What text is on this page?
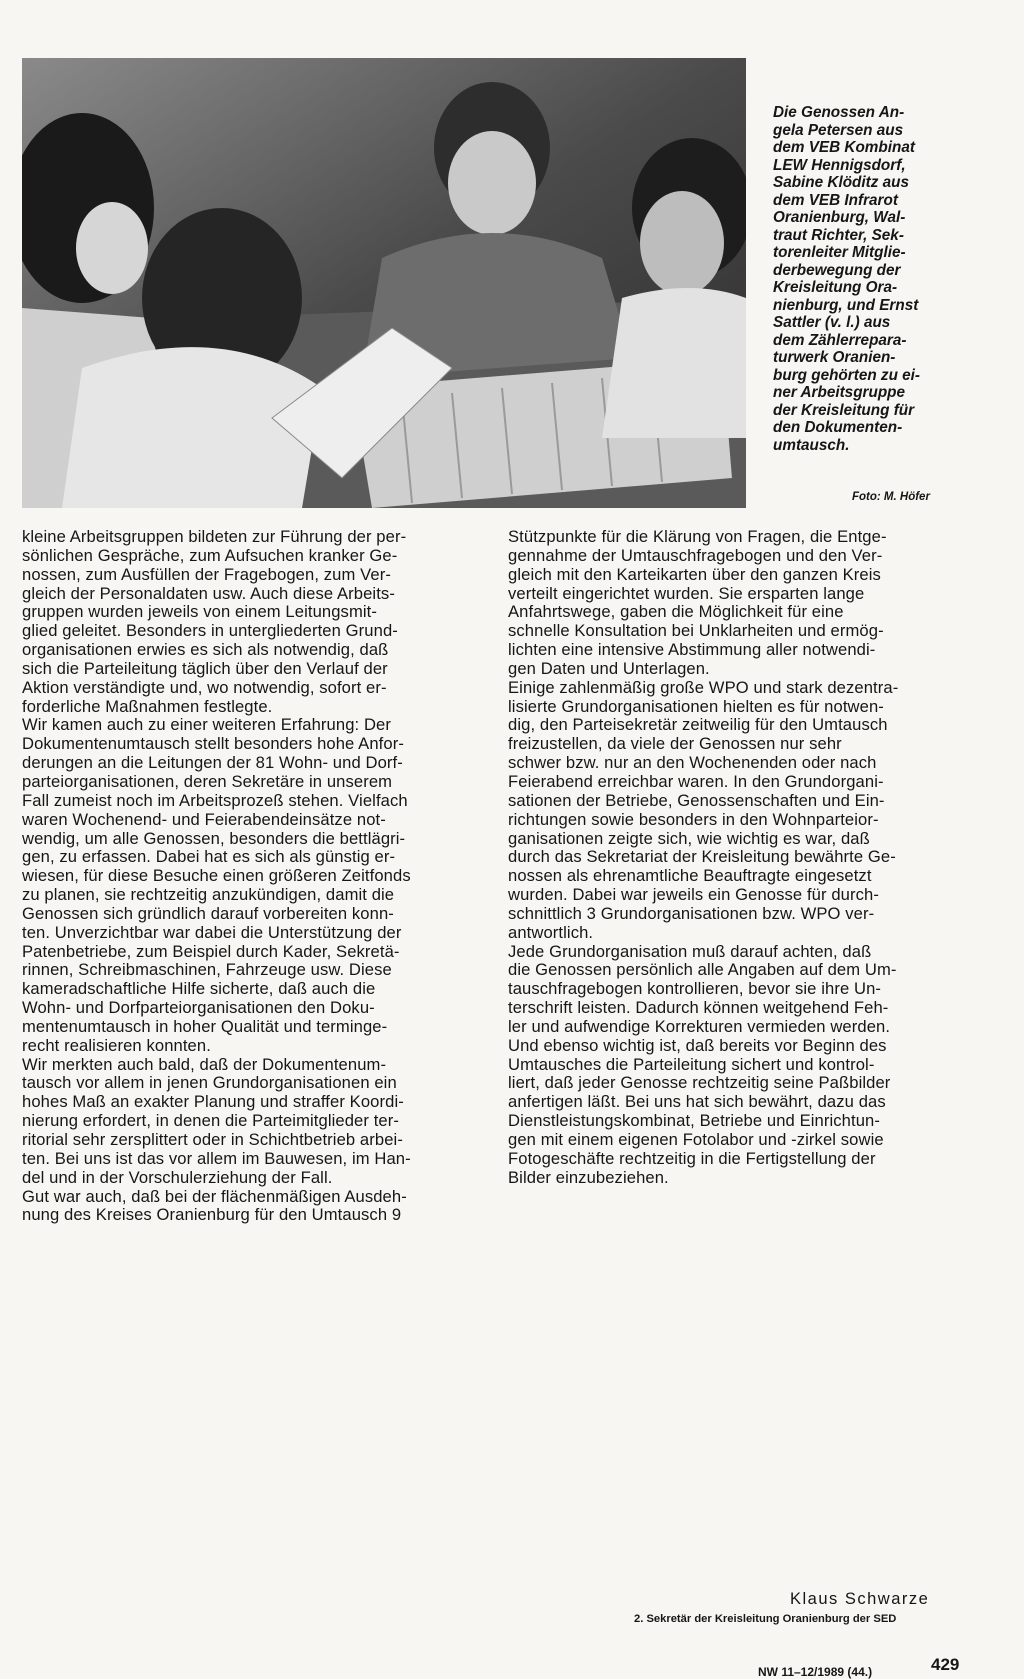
Die Genossen An-
gela Petersen aus
dem VEB Kombinat
LEW Hennigsdorf,
Sabine Klöditz aus
dem VEB Infrarot
Oranienburg, Wal-
traut Richter, Sek-
torenleiter Mitglie-
derbewegung der
Kreisleitung Ora-
nienburg, und Ernst
Sattler (v. l.) aus
dem Zählerrepara-
turwerk Oranien-
burg gehörten zu ei-
ner Arbeitsgruppe
der Kreisleitung für
den Dokumenten-
umtausch.
Foto: M. Höfer
kleine Arbeitsgruppen bildeten zur Führung der per-
sönlichen Gespräche, zum Aufsuchen kranker Ge-
nossen, zum Ausfüllen der Fragebogen, zum Ver-
gleich der Personaldaten usw. Auch diese Arbeits-
gruppen wurden jeweils von einem Leitungsmit-
glied geleitet. Besonders in untergliederten Grund-
organisationen erwies es sich als notwendig, daß
sich die Parteileitung täglich über den Verlauf der
Aktion verständigte und, wo notwendig, sofort er-
forderliche Maßnahmen festlegte.
Wir kamen auch zu einer weiteren Erfahrung: Der
Dokumentenumtausch stellt besonders hohe Anfor-
derungen an die Leitungen der 81 Wohn- und Dorf-
parteiorganisationen, deren Sekretäre in unserem
Fall zumeist noch im Arbeitsprozeß stehen. Vielfach
waren Wochenend- und Feierabendeinsätze not-
wendig, um alle Genossen, besonders die bettlägri-
gen, zu erfassen. Dabei hat es sich als günstig er-
wiesen, für diese Besuche einen größeren Zeitfonds
zu planen, sie rechtzeitig anzukündigen, damit die
Genossen sich gründlich darauf vorbereiten konn-
ten. Unverzichtbar war dabei die Unterstützung der
Patenbetriebe, zum Beispiel durch Kader, Sekretä-
rinnen, Schreibmaschinen, Fahrzeuge usw. Diese
kameradschaftliche Hilfe sicherte, daß auch die
Wohn- und Dorfparteiorganisationen den Doku-
mentenumtausch in hoher Qualität und terminge-
recht realisieren konnten.
Wir merkten auch bald, daß der Dokumentenum-
tausch vor allem in jenen Grundorganisationen ein
hohes Maß an exakter Planung und straffer Koordi-
nierung erfordert, in denen die Parteimitglieder ter-
ritorial sehr zersplittert oder in Schichtbetrieb arbei-
ten. Bei uns ist das vor allem im Bauwesen, im Han-
del und in der Vorschulerziehung der Fall.
Gut war auch, daß bei der flächenmäßigen Ausdeh-
nung des Kreises Oranienburg für den Umtausch 9
Stützpunkte für die Klärung von Fragen, die Entge-
gennahme der Umtauschfragebogen und den Ver-
gleich mit den Karteikarten über den ganzen Kreis
verteilt eingerichtet wurden. Sie ersparten lange
Anfahrtswege, gaben die Möglichkeit für eine
schnelle Konsultation bei Unklarheiten und ermög-
lichten eine intensive Abstimmung aller notwendi-
gen Daten und Unterlagen.
Einige zahlenmäßig große WPO und stark dezentra-
lisierte Grundorganisationen hielten es für notwen-
dig, den Parteisekretär zeitweilig für den Umtausch
freizustellen, da viele der Genossen nur sehr
schwer bzw. nur an den Wochenenden oder nach
Feierabend erreichbar waren. In den Grundorgani-
sationen der Betriebe, Genossenschaften und Ein-
richtungen sowie besonders in den Wohnparteior-
ganisationen zeigte sich, wie wichtig es war, daß
durch das Sekretariat der Kreisleitung bewährte Ge-
nossen als ehrenamtliche Beauftragte eingesetzt
wurden. Dabei war jeweils ein Genosse für durch-
schnittlich 3 Grundorganisationen bzw. WPO ver-
antwortlich.
Jede Grundorganisation muß darauf achten, daß
die Genossen persönlich alle Angaben auf dem Um-
tauschfragebogen kontrollieren, bevor sie ihre Un-
terschrift leisten. Dadurch können weitgehend Feh-
ler und aufwendige Korrekturen vermieden werden.
Und ebenso wichtig ist, daß bereits vor Beginn des
Umtausches die Parteileitung sichert und kontrol-
liert, daß jeder Genosse rechtzeitig seine Paßbilder
anfertigen läßt. Bei uns hat sich bewährt, dazu das
Dienstleistungskombinat, Betriebe und Einrichtun-
gen mit einem eigenen Fotolabor und -zirkel sowie
Fotogeschäfte rechtzeitig in die Fertigstellung der
Bilder einzubeziehen.
Klaus Schwarze
2. Sekretär der Kreisleitung Oranienburg der SED
NW 11–12/1989 (44.)	429
